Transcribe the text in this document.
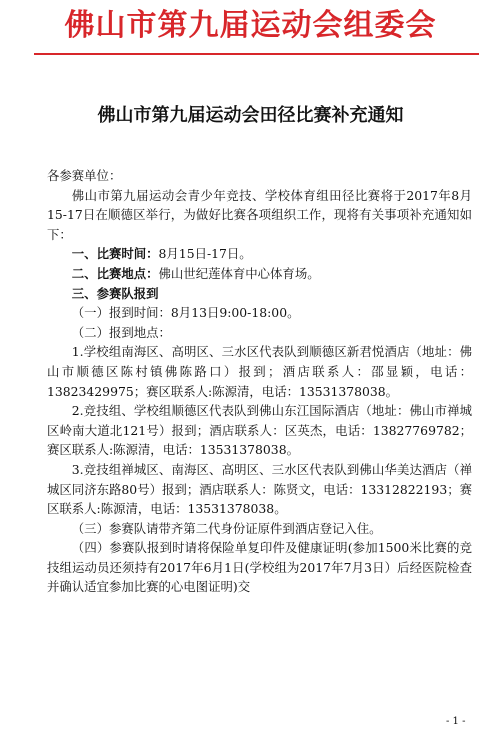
佛山市第九届运动会组委会
佛山市第九届运动会田径比赛补充通知

各参赛单位：

佛山市第九届运动会青少年竞技、学校体育组田径比赛将于2017年8月15-17日在顺德区举行，为做好比赛各项组织工作，现将有关事项补充通知如下：

一、比赛时间：8月15日-17日。

二、比赛地点：佛山世纪莲体育中心体育场。

三、参赛队报到

（一）报到时间：8月13日9:00-18:00。

（二）报到地点：

1.学校组南海区、高明区、三水区代表队到顺德区新君悦酒店（地址：佛山市顺德区陈村镇佛陈路口）报到；酒店联系人：邵显颖，电话：13823429975；赛区联系人:陈源清，电话：13531378038。

2.竞技组、学校组顺德区代表队到佛山东江国际酒店（地址：佛山市禅城区岭南大道北121号）报到；酒店联系人：区英杰，电话：13827769782；赛区联系人:陈源清，电话：13531378038。

3.竞技组禅城区、南海区、高明区、三水区代表队到佛山华美达酒店（禅城区同济东路80号）报到；酒店联系人：陈贤文，电话：13312822193；赛区联系人:陈源清，电话：13531378038。

（三）参赛队请带齐第二代身份证原件到酒店登记入住。

（四）参赛队报到时请将保险单复印件及健康证明(参加1500米比赛的竞技组运动员还须持有2017年6月1日(学校组为2017年7月3日）后经医院检查并确认适宜参加比赛的心电图证明)交

- 1 -
